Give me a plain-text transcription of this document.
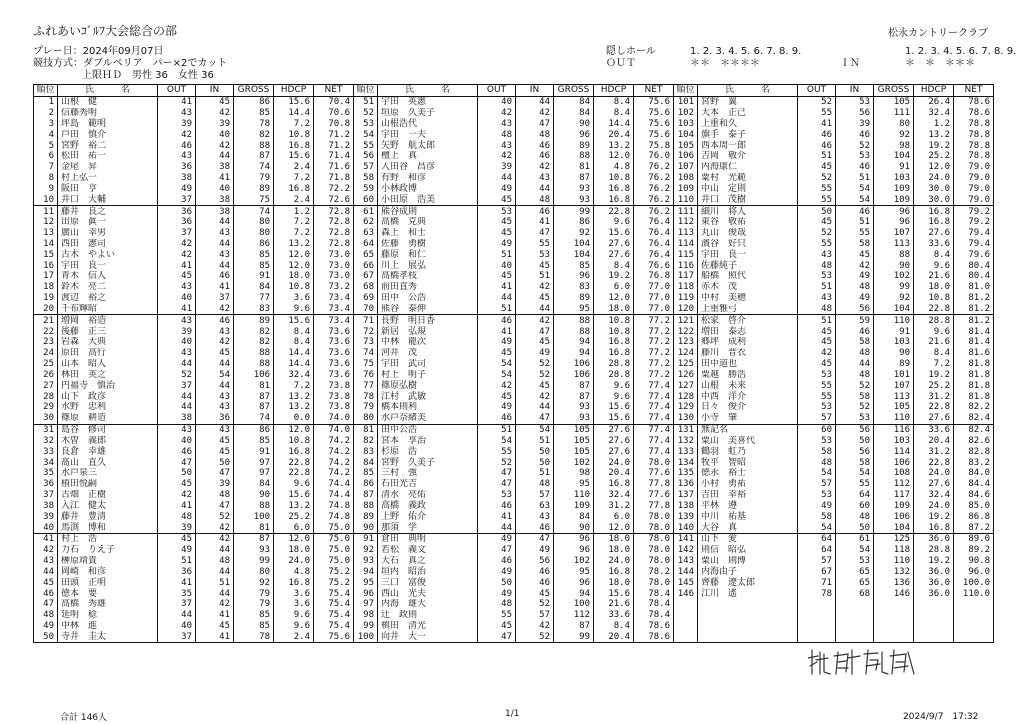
ふれあいｺﾞﾙﾌ大会総合の部	松永カントリークラブ
プレー日：2024年09月07日
競技方式：ダブルペリア　パー×2でカット
上限ＨＤ　男性 36　女性 36
隠しホール
ＯＵＴ
1. 2. 3. 4. 5. 6. 7. 8. 9.
＊＊　＊＊＊＊	ＩＮ
1. 2. 3. 4. 5. 6. 7. 8. 9.
＊　＊　＊＊＊
順位	氏　　　名	OUT	IN	GROSS	HDCP	NET
1	山根　健	41	45	86	15.6	70.4
2	信藤秀明	43	42	85	14.4	70.6
3	坪島　範明	39	39	78	7.2	70.8
4	戸田　慎介	42	40	82	10.8	71.2
5	宮野　裕二	46	42	88	16.8	71.2
6	松田　祐一	43	44	87	15.6	71.4
7	金尾　昇	36	38	74	2.4	71.6
8	村上弘一	38	41	79	7.2	71.8
9	阪田　亨	49	40	89	16.8	72.2
10	井口　大輔	37	38	75	2.4	72.6
11	藤井　良之	36	38	74	1.2	72.8
12	出原　眞一	36	44	80	7.2	72.8
13	廣山　幸男	37	43	80	7.2	72.8
14	西田　憲司	42	44	86	13.2	72.8
15	古木　やよい	42	43	85	12.0	73.0
16	宇田　良一	41	44	85	12.0	73.0
17	青木　信人	45	46	91	18.0	73.0
18	鈴木　亮二	43	41	84	10.8	73.2
19	渡辺　裕之	40	37	77	3.6	73.4
20	千布輝昭	41	42	83	9.6	73.4
21	増岡　裕造	43	46	89	15.6	73.4
22	後藤　正三	39	43	82	8.4	73.6
23	岩森　大典	40	42	82	8.4	73.6
24	原田　高行	43	45	88	14.4	73.6
25	山本　昭人	44	44	88	14.4	73.6
26	林田　英之	52	54	106	32.4	73.6
27	円福寺　慎治	37	44	81	7.2	73.8
28	山下　政彦	44	43	87	13.2	73.8
29	水野　忠利	44	43	87	13.2	73.8
30	篠原　耕造	38	36	74	0.0	74.0
31	島谷　修司	43	43	86	12.0	74.0
32	木曽　義郎	40	45	85	10.8	74.2
33	良倉　幸雄	46	45	91	16.8	74.2
34	髙山　直久	47	50	97	22.8	74.2
35	水戸泉三	50	47	97	22.8	74.2
36	植田悦嗣	45	39	84	9.6	74.4
37	古畑　正樹	42	48	90	15.6	74.4
38	入江　健太	41	47	88	13.2	74.8
39	藤井　豊清	48	52	100	25.2	74.8
40	馬渕　博和	39	42	81	6.0	75.0
41	村上　浩	45	42	87	12.0	75.0
42	力石　りえ子	49	44	93	18.0	75.0
43	榊原靖貴	51	48	99	24.0	75.0
44	岡崎　和彦	36	44	80	4.8	75.2
45	田頭　正明	41	51	92	16.8	75.2
46	徳本　要	35	44	79	3.6	75.4
47	高橋　秀雄	37	42	79	3.6	75.4
48	延明　稔	44	41	85	9.6	75.4
49	中林　進	40	45	85	9.6	75.4
50	寺井　圭太	37	41	78	2.4	75.6
順位	氏　　　名	OUT	IN	GROSS	HDCP	NET
51	宇田　英憲	40	44	84	8.4	75.6
52	垣原　久美子	42	42	84	8.4	75.6
53	山根浩代	43	47	90	14.4	75.6
54	宇田　一夫	48	48	96	20.4	75.6
55	矢野　航太郎	43	46	89	13.2	75.8
56	檀上　真	42	46	88	12.0	76.0
57	入田谷　昌彦	39	42	81	4.8	76.2
58	有野　和彦	44	43	87	10.8	76.2
59	小林政博	49	44	93	16.8	76.2
60	小田原　浩美	45	48	93	16.8	76.2
61	熊谷成則	53	46	99	22.8	76.2
62	高橋　克典	45	41	86	9.6	76.4
63	森上　和士	45	47	92	15.6	76.4
64	佐藤　勇樹	49	55	104	27.6	76.4
65	藤原　和仁	51	53	104	27.6	76.4
66	川上　展弘	40	45	85	8.4	76.6
67	高橋孝枝	45	51	96	19.2	76.8
68	前田直秀	41	42	83	6.0	77.0
69	田中　公浩	44	45	89	12.0	77.0
70	熊谷　泰伸	51	44	95	18.0	77.0
71	長野　明日香	46	42	88	10.8	77.2
72	新居　弘規	41	47	88	10.8	77.2
73	中林　龍次	49	45	94	16.8	77.2
74	河井　茂	45	49	94	16.8	77.2
75	宇田　武司	54	52	106	28.8	77.2
76	村上　明子	54	52	106	28.8	77.2
77	篠原弘樹	42	45	87	9.6	77.4
78	江村　武敏	45	42	87	9.6	77.4
79	橋本則利	49	44	93	15.6	77.4
80	水戸奈緒美	46	47	93	15.6	77.4
81	田中公浩	51	54	105	27.6	77.4
82	宮本　享治	54	51	105	27.6	77.4
83	杉原　浩	55	50	105	27.6	77.4
84	宮野　久美子	52	50	102	24.0	78.0
85	三村　強	47	51	98	20.4	77.6
86	石田光吉	47	48	95	16.8	77.8
87	清水　亮佑	53	57	110	32.4	77.6
88	高橋　義政	46	63	109	31.2	77.8
89	上野　佑介	41	43	84	6.0	78.0
90	那須　学	44	46	90	12.0	78.0
91	倉田　典明	49	47	96	18.0	78.0
92	若松　義文	47	49	96	18.0	78.0
93	大石　真之	46	56	102	24.0	78.0
94	垣内　昭治	49	46	95	16.8	78.2
95	三口　富俊	50	46	96	18.0	78.0
96	西山　光夫	49	45	94	15.6	78.4
97	内海　雄大	48	52	100	21.6	78.4
98	辻　政則	55	57	112	33.6	78.4
99	槙田　清光	45	42	87	8.4	78.6
100	向井　大一	47	52	99	20.4	78.6
順位	氏　　　名	OUT	IN	GROSS	HDCP	NET
101	宮野　翼	52	53	105	26.4	78.6
102	大本　正己	55	56	111	32.4	78.6
103	上重和久	41	39	80	1.2	78.8
104	旗手　泰子	46	46	92	13.2	78.8
105	西本周一郎	46	52	98	19.2	78.8
106	吉岡　敬介	51	53	104	25.2	78.8
107	内海康仁	45	46	91	12.0	79.0
108	粟村　光範	52	51	103	24.0	79.0
109	中山　定則	55	54	109	30.0	79.0
110	井口　茂樹	55	54	109	30.0	79.0
111	細川　将人	50	46	96	16.8	79.2
112	東谷　敬祐	45	51	96	16.8	79.2
113	丸山　俊哉	52	55	107	27.6	79.4
114	濱谷　好只	55	58	113	33.6	79.4
115	宇田　良一	43	45	88	8.4	79.6
116	佐藤純子	48	42	90	9.6	80.4
117	船橋　照代	53	49	102	21.6	80.4
118	赤木　茂	51	48	99	18.0	81.0
119	中村　美穂	43	49	92	10.8	81.2
120	上重雅弓	48	56	104	22.8	81.2
121	松家　啓介	51	59	110	28.8	81.2
122	増田　泰志	45	46	91	9.6	81.4
123	郷坪　成利	45	58	103	21.6	81.4
124	藤川　晋衣	42	48	90	8.4	81.6
125	田中道也	45	44	89	7.2	81.8
126	粟越　勝浩	53	48	101	19.2	81.8
127	山根　未来	55	52	107	25.2	81.8
128	中西　洋介	55	58	113	31.2	81.8
129	日々　俊介	53	52	105	22.8	82.2
130	小寺　肇	57	53	110	27.6	82.4
131	無記名	60	56	116	33.6	82.4
132	粟山　美喜代	53	50	103	20.4	82.6
133	鶴羽　虹乃	58	56	114	31.2	82.8
134	牧平　智昭	48	58	106	22.8	83.2
135	徳永　裕士	54	54	108	24.0	84.0
136	小村　勇祐	57	55	112	27.6	84.4
137	吉田　幸裕	53	64	117	32.4	84.6
138	平林　遵	49	60	109	24.0	85.0
139	中川　祐基	58	48	106	19.2	86.8
140	大谷　真	54	50	104	16.8	87.2
141	山下　愛	64	61	125	36.0	89.0
142	則信　昭弘	64	54	118	28.8	89.2
143	粟山　則博	57	53	110	19.2	90.8
144	内海由子	67	65	132	36.0	96.0
145	齊藤　遼太郎	71	65	136	36.0	100.0
146	江川　遙	78	68	146	36.0	110.0

合計 146人	1/1	2024/9/7　17:32
